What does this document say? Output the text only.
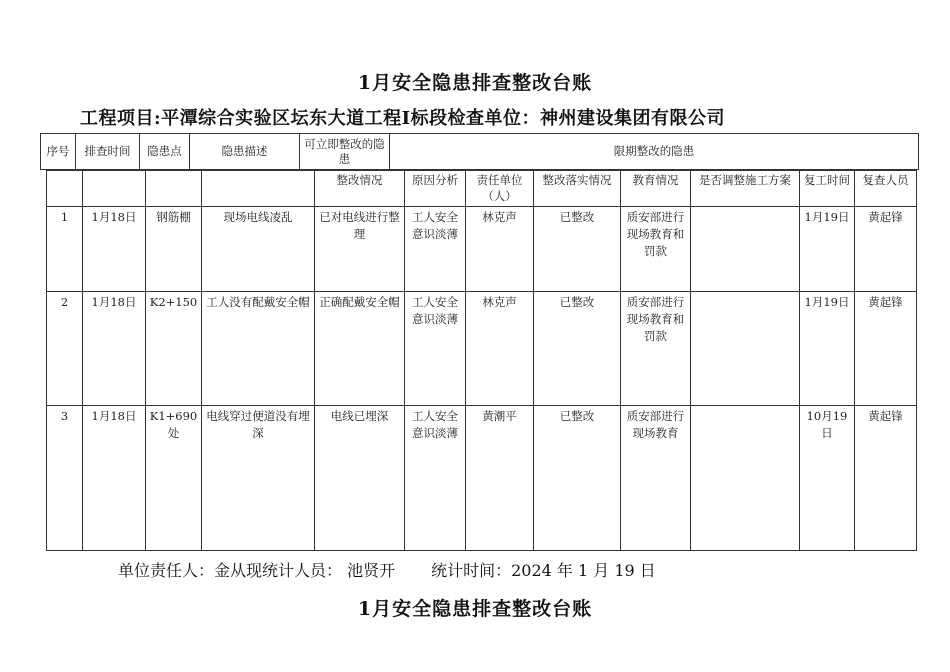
1月安全隐患排查整改台账
工程项目:平潭综合实验区坛东大道工程Ⅰ标段检查单位：神州建设集团有限公司
序号	排查时间	隐患点	隐患描述	可立即整改的隐患	限期整改的隐患
				整改情况	原因分析	责任单位（人）	整改落实情况	教育情况	是否调整施工方案	复工时间	复查人员
1	1月18日	钢筋棚	现场电线凌乱	已对电线进行整理	工人安全意识淡薄	林克声	已整改	质安部进行现场教育和罚款		1月19日	黄起锋
2	1月18日	K2+150	工人没有配戴安全帽	正确配戴安全帽	工人安全意识淡薄	林克声	已整改	质安部进行现场教育和罚款		1月19日	黄起锋
3	1月18日	K1+690处	电线穿过便道没有埋深	电线已埋深	工人安全意识淡薄	黄潮平	已整改	质安部进行现场教育		10月19日	黄起锋
单位责任人：金从现统计人员： 池贤开 统计时间：2024 年 1 月 19 日
1月安全隐患排查整改台账
